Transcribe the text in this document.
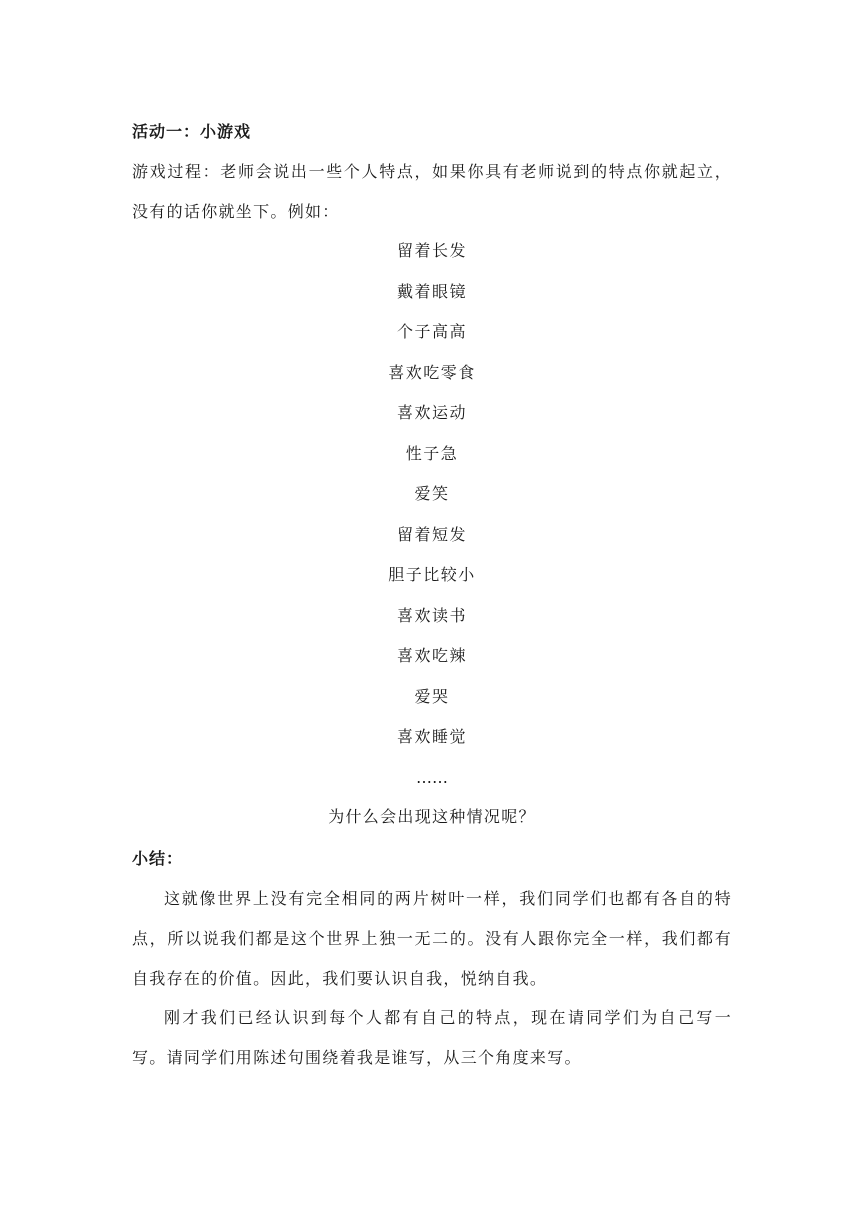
活动一：小游戏
游戏过程：老师会说出一些个人特点，如果你具有老师说到的特点你就起立，没有的话你就坐下。例如：
留着长发
戴着眼镜
个子高高
喜欢吃零食
喜欢运动
性子急
爱笑
留着短发
胆子比较小
喜欢读书
喜欢吃辣
爱哭
喜欢睡觉
……
为什么会出现这种情况呢？
小结：
这就像世界上没有完全相同的两片树叶一样，我们同学们也都有各自的特点，所以说我们都是这个世界上独一无二的。没有人跟你完全一样，我们都有自我存在的价值。因此，我们要认识自我，悦纳自我。
刚才我们已经认识到每个人都有自己的特点，现在请同学们为自己写一写。请同学们用陈述句围绕着我是谁写，从三个角度来写。
